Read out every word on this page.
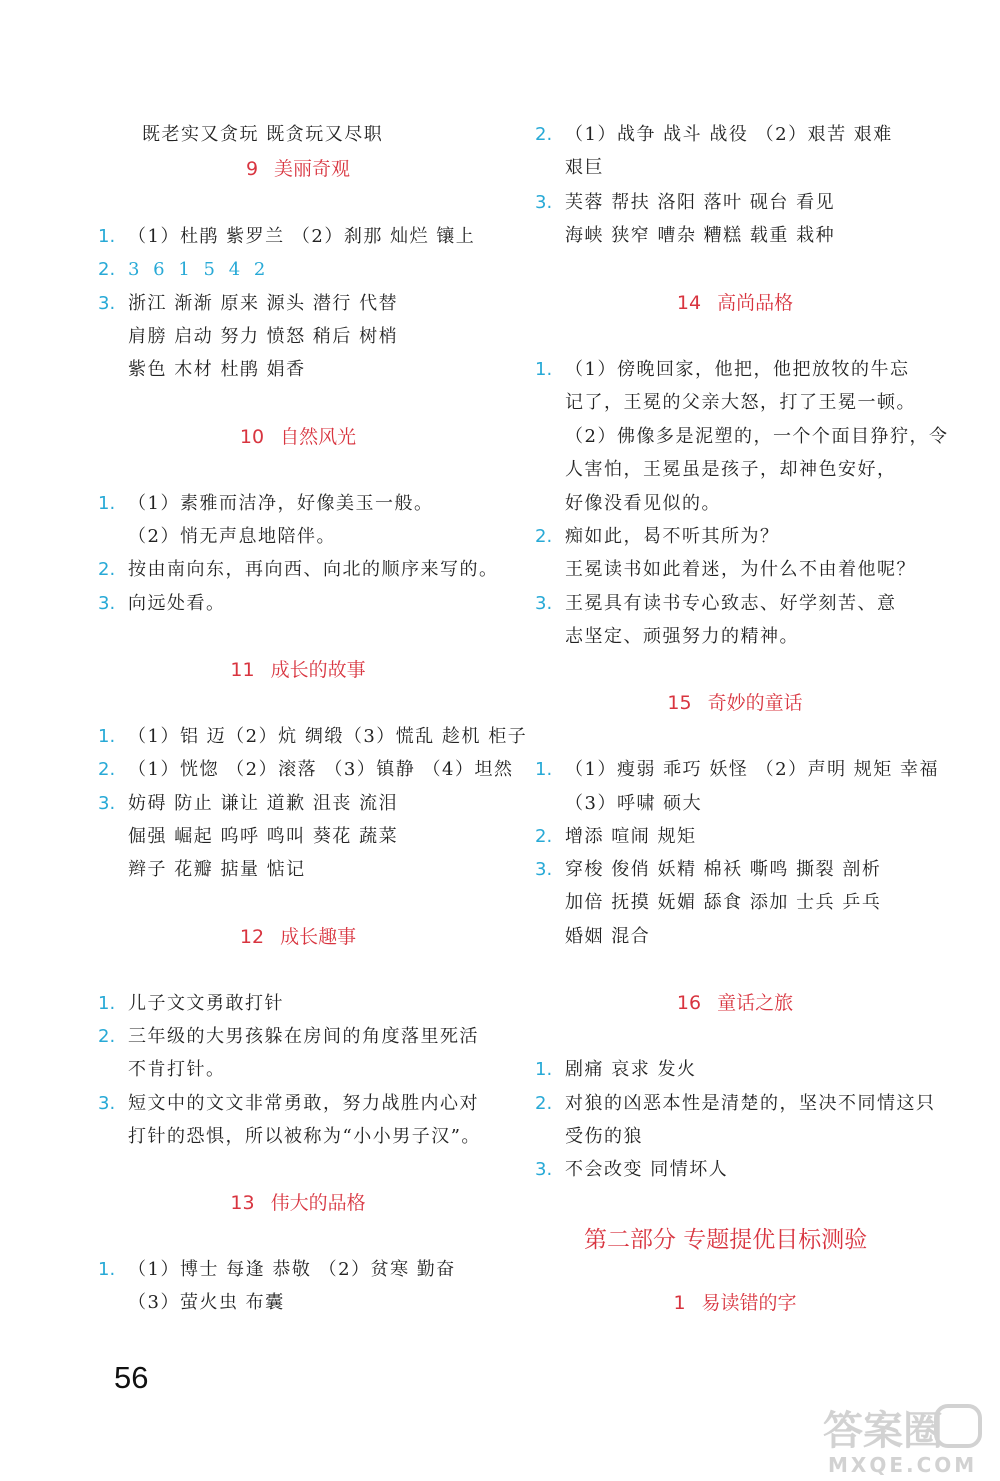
既老实又贪玩 既贪玩又尽职
9 美丽奇观
1. （1）杜鹃 紫罗兰 （2）刹那 灿烂 镶上
2. 3 6 1 5 4 2
3. 浙江 渐渐 原来 源头 潜行 代替
肩膀 启动 努力 愤怒 稍后 树梢
紫色 木材 杜鹃 娟香
10 自然风光
1. （1）素雅而洁净，好像美玉一般。
（2）悄无声息地陪伴。
2. 按由南向东，再向西、向北的顺序来写的。
3. 向远处看。
11 成长的故事
1. （1）铝 迈（2）炕 绸缎（3）慌乱 趁机 柜子
2. （1）恍惚 （2）滚落 （3）镇静 （4）坦然
3. 妨碍 防止 谦让 道歉 沮丧 流泪
倔强 崛起 呜呼 鸣叫 葵花 蔬菜
辫子 花瓣 掂量 惦记
12 成长趣事
1. 儿子文文勇敢打针
2. 三年级的大男孩躲在房间的角度落里死活
不肯打针。
3. 短文中的文文非常勇敢，努力战胜内心对
打针的恐惧，所以被称为“小小男子汉”。
13 伟大的品格
1. （1）博士 每逢 恭敬 （2）贫寒 勤奋
（3）萤火虫 布囊
2. （1）战争 战斗 战役 （2）艰苦 艰难
艰巨
3. 芙蓉 帮扶 洛阳 落叶 砚台 看见
海峡 狭窄 嘈杂 糟糕 载重 栽种
14 高尚品格
1. （1）傍晚回家，他把，他把放牧的牛忘
记了，王冕的父亲大怒，打了王冕一顿。
（2）佛像多是泥塑的，一个个面目狰狞，令
人害怕，王冕虽是孩子，却神色安好，
好像没看见似的。
2. 痴如此，曷不听其所为？
王冕读书如此着迷，为什么不由着他呢？
3. 王冕具有读书专心致志、好学刻苦、意
志坚定、顽强努力的精神。
15 奇妙的童话
1. （1）瘦弱 乖巧 妖怪 （2）声明 规矩 幸福
（3）呼啸 硕大
2. 增添 喧闹 规矩
3. 穿梭 俊俏 妖精 棉袄 嘶鸣 撕裂 剖析
加倍 抚摸 妩媚 舔食 添加 士兵 乒乓
婚姻 混合
16 童话之旅
1. 剧痛 哀求 发火
2. 对狼的凶恶本性是清楚的，坚决不同情这只
受伤的狼
3. 不会改变 同情坏人
第二部分 专题提优目标测验
1 易读错的字
56
答案圈
MXQE.COM
